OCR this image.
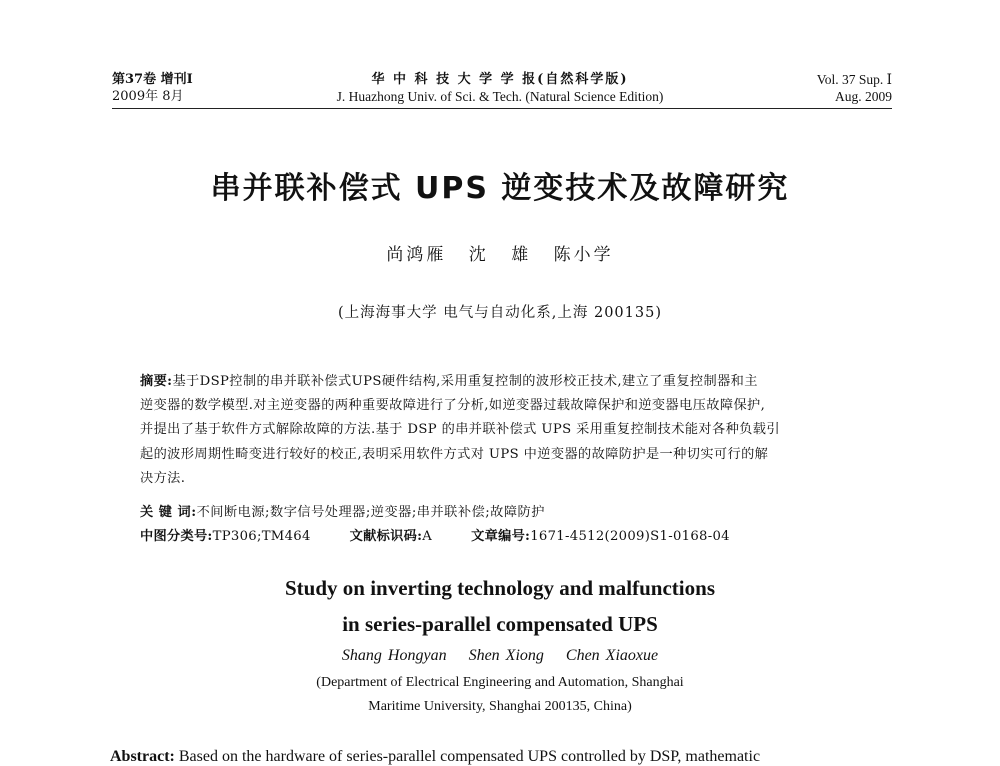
第37卷 增刊Ⅰ
2009年 8月
华 中 科 技 大 学 学 报(自然科学版)
J. Huazhong Univ. of Sci. & Tech. (Natural Science Edition)
Vol. 37 Sup. Ⅰ
Aug. 2009
串并联补偿式 UPS 逆变技术及故障研究
尚鸿雁 沈 雄 陈小学
(上海海事大学 电气与自动化系,上海 200135)
摘要:基于DSP控制的串并联补偿式UPS硬件结构,采用重复控制的波形校正技术,建立了重复控制器和主
逆变器的数学模型.对主逆变器的两种重要故障进行了分析,如逆变器过载故障保护和逆变器电压故障保护,
并提出了基于软件方式解除故障的方法.基于 DSP 的串并联补偿式 UPS 采用重复控制技术能对各种负载引
起的波形周期性畸变进行较好的校正,表明采用软件方式对 UPS 中逆变器的故障防护是一种切实可行的解
决方法.
关 键 词:不间断电源;数字信号处理器;逆变器;串并联补偿;故障防护
中图分类号:TP306;TM464	文献标识码:A	文章编号:1671-4512(2009)S1-0168-04
Study on inverting technology and malfunctions
in series-parallel compensated UPS
Shang Hongyan Shen Xiong Chen Xiaoxue
(Department of Electrical Engineering and Automation, Shanghai
Maritime University, Shanghai 200135, China)
Abstract: Based on the hardware of series-parallel compensated UPS controlled by DSP, mathematic
